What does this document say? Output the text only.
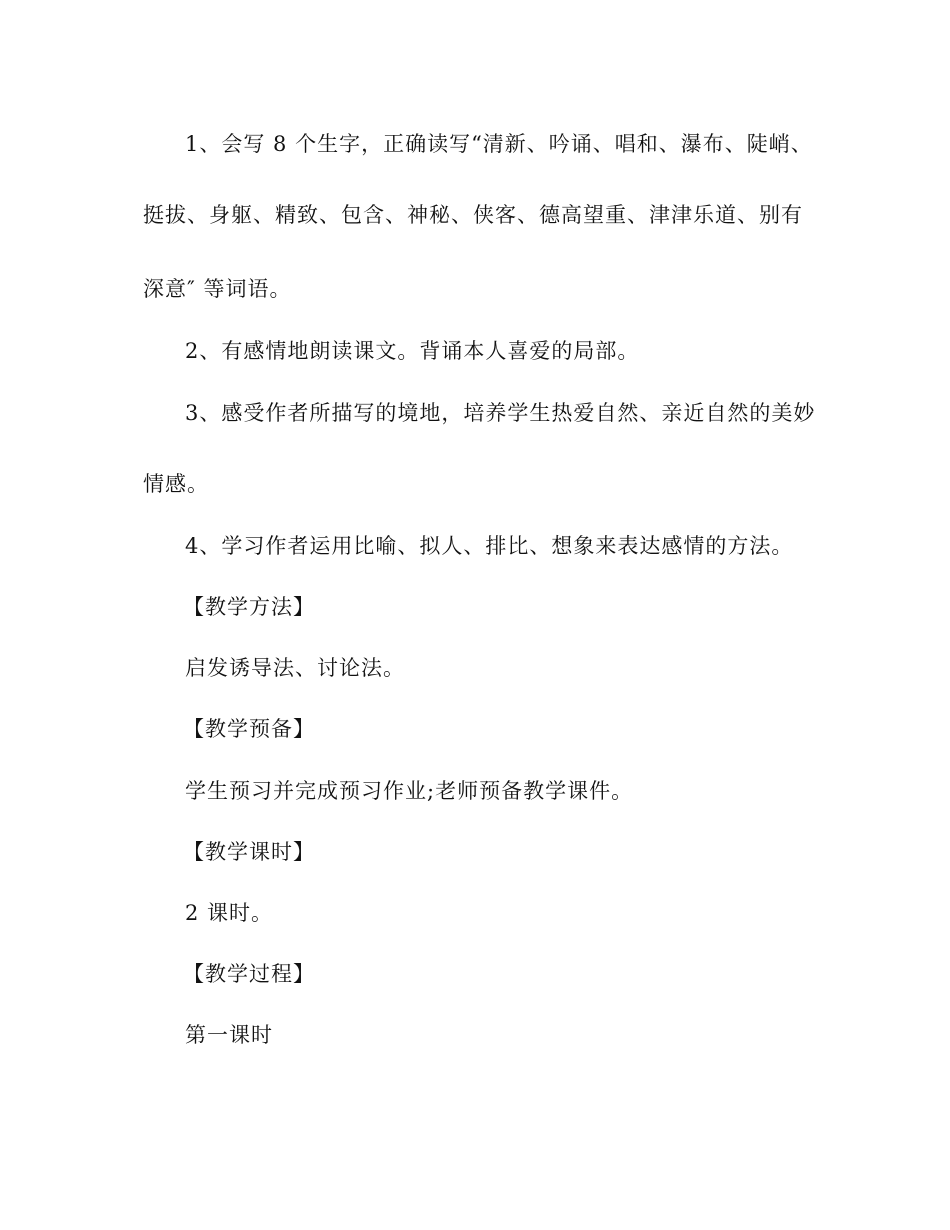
1、会写 8 个生字，正确读写“清新、吟诵、唱和、瀑布、陡峭、
挺拔、身躯、精致、包含、神秘、侠客、德高望重、津津乐道、别有
深意″ 等词语。
2、有感情地朗读课文。背诵本人喜爱的局部。
3、感受作者所描写的境地，培养学生热爱自然、亲近自然的美妙
情感。
4、学习作者运用比喻、拟人、排比、想象来表达感情的方法。
【教学方法】
启发诱导法、讨论法。
【教学预备】
学生预习并完成预习作业;老师预备教学课件。
【教学课时】
2 课时。
【教学过程】
第一课时
